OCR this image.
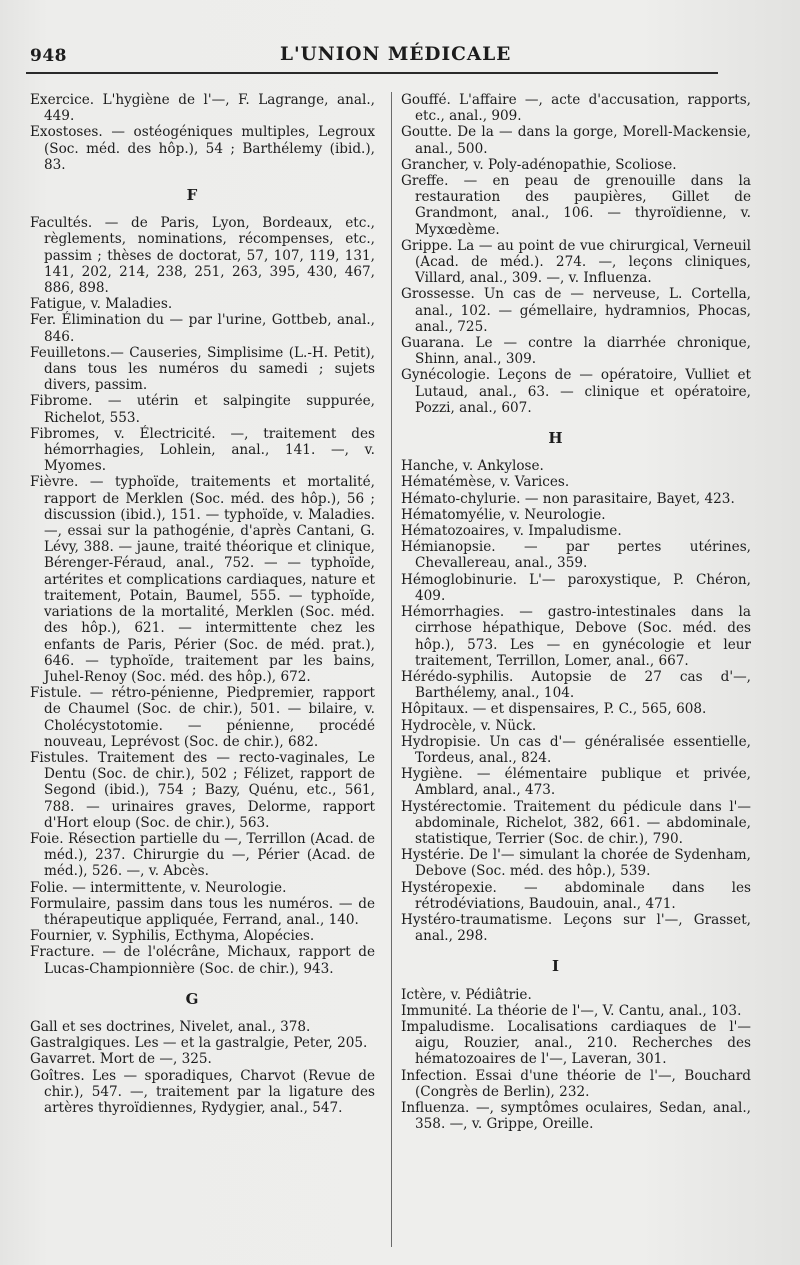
948	L'UNION MÉDICALE

Exercice. L'hygiène de l'—, F. Lagrange, anal., 449.

Exostoses. — ostéogéniques multiples, Legroux (Soc. méd. des hôp.), 54 ; Barthélemy (ibid.), 83.

F

Facultés. — de Paris, Lyon, Bordeaux, etc., règlements, nominations, récompenses, etc., passim ; thèses de doctorat, 57, 107, 119, 131, 141, 202, 214, 238, 251, 263, 395, 430, 467, 886, 898.

Fatigue, v. Maladies.

Fer. Élimination du — par l'urine, Gottbeb, anal., 846.

Feuilletons.— Causeries, Simplisime (L.-H. Petit), dans tous les numéros du samedi ; sujets divers, passim.

Fibrome. — utérin et salpingite suppurée, Richelot, 553.

Fibromes, v. Électricité. —, traitement des hémorrhagies, Lohlein, anal., 141. —, v. Myomes.

Fièvre. — typhoïde, traitements et mortalité, rapport de Merklen (Soc. méd. des hôp.), 56 ; discussion (ibid.), 151. — typhoïde, v. Maladies. —, essai sur la pathogénie, d'après Cantani, G. Lévy, 388. — jaune, traité théorique et clinique, Bérenger-Féraud, anal., 752. — — typhoïde, artérites et complications cardiaques, nature et traitement, Potain, Baumel, 555. — typhoïde, variations de la mortalité, Merklen (Soc. méd. des hôp.), 621. — intermittente chez les enfants de Paris, Périer (Soc. de méd. prat.), 646. — typhoïde, traitement par les bains, Juhel-Renoy (Soc. méd. des hôp.), 672.

Fistule. — rétro-pénienne, Piedpremier, rapport de Chaumel (Soc. de chir.), 501. — bilaire, v. Cholécystotomie. — pénienne, procédé nouveau, Leprévost (Soc. de chir.), 682.

Fistules. Traitement des — recto-vaginales, Le Dentu (Soc. de chir.), 502 ; Félizet, rapport de Segond (ibid.), 754 ; Bazy, Quénu, etc., 561, 788. — urinaires graves, Delorme, rapport d'Hort eloup (Soc. de chir.), 563.

Foie. Résection partielle du —, Terrillon (Acad. de méd.), 237. Chirurgie du —, Périer (Acad. de méd.), 526. —, v. Abcès.

Folie. — intermittente, v. Neurologie.

Formulaire, passim dans tous les numéros. — de thérapeutique appliquée, Ferrand, anal., 140.

Fournier, v. Syphilis, Ecthyma, Alopécies.

Fracture. — de l'olécrâne, Michaux, rapport de Lucas-Championnière (Soc. de chir.), 943.

G

Gall et ses doctrines, Nivelet, anal., 378.

Gastralgiques. Les — et la gastralgie, Peter, 205.

Gavarret. Mort de —, 325.

Goîtres. Les — sporadiques, Charvot (Revue de chir.), 547. —, traitement par la ligature des artères thyroïdiennes, Rydygier, anal., 547.

Gouffé. L'affaire —, acte d'accusation, rapports, etc., anal., 909.

Goutte. De la — dans la gorge, Morell-Mackensie, anal., 500.

Grancher, v. Poly-adénopathie, Scoliose.

Greffe. — en peau de grenouille dans la restauration des paupières, Gillet de Grandmont, anal., 106. — thyroïdienne, v. Myxœdème.

Grippe. La — au point de vue chirurgical, Verneuil (Acad. de méd.). 274. —, leçons cliniques, Villard, anal., 309. —, v. Influenza.

Grossesse. Un cas de — nerveuse, L. Cortella, anal., 102. — gémellaire, hydramnios, Phocas, anal., 725.

Guarana. Le — contre la diarrhée chronique, Shinn, anal., 309.

Gynécologie. Leçons de — opératoire, Vulliet et Lutaud, anal., 63. — clinique et opératoire, Pozzi, anal., 607.

H

Hanche, v. Ankylose.

Hématémèse, v. Varices.

Hémato-chylurie. — non parasitaire, Bayet, 423.

Hématomyélie, v. Neurologie.

Hématozoaires, v. Impaludisme.

Hémianopsie. — par pertes utérines, Chevallereau, anal., 359.

Hémoglobinurie. L'— paroxystique, P. Chéron, 409.

Hémorrhagies. — gastro-intestinales dans la cirrhose hépathique, Debove (Soc. méd. des hôp.), 573. Les — en gynécologie et leur traitement, Terrillon, Lomer, anal., 667.

Hérédo-syphilis. Autopsie de 27 cas d'—, Barthélemy, anal., 104.

Hôpitaux. — et dispensaires, P. C., 565, 608.

Hydrocèle, v. Nück.

Hydropisie. Un cas d'— généralisée essentielle, Tordeus, anal., 824.

Hygiène. — élémentaire publique et privée, Amblard, anal., 473.

Hystérectomie. Traitement du pédicule dans l'— abdominale, Richelot, 382, 661. — abdominale, statistique, Terrier (Soc. de chir.), 790.

Hystérie. De l'— simulant la chorée de Sydenham, Debove (Soc. méd. des hôp.), 539.

Hystéropexie. — abdominale dans les rétrodéviations, Baudouin, anal., 471.

Hystéro-traumatisme. Leçons sur l'—, Grasset, anal., 298.

I

Ictère, v. Pédiâtrie.

Immunité. La théorie de l'—, V. Cantu, anal., 103.

Impaludisme. Localisations cardiaques de l'— aigu, Rouzier, anal., 210. Recherches des hématozoaires de l'—, Laveran, 301.

Infection. Essai d'une théorie de l'—, Bouchard (Congrès de Berlin), 232.

Influenza. —, symptômes oculaires, Sedan, anal., 358. —, v. Grippe, Oreille.
